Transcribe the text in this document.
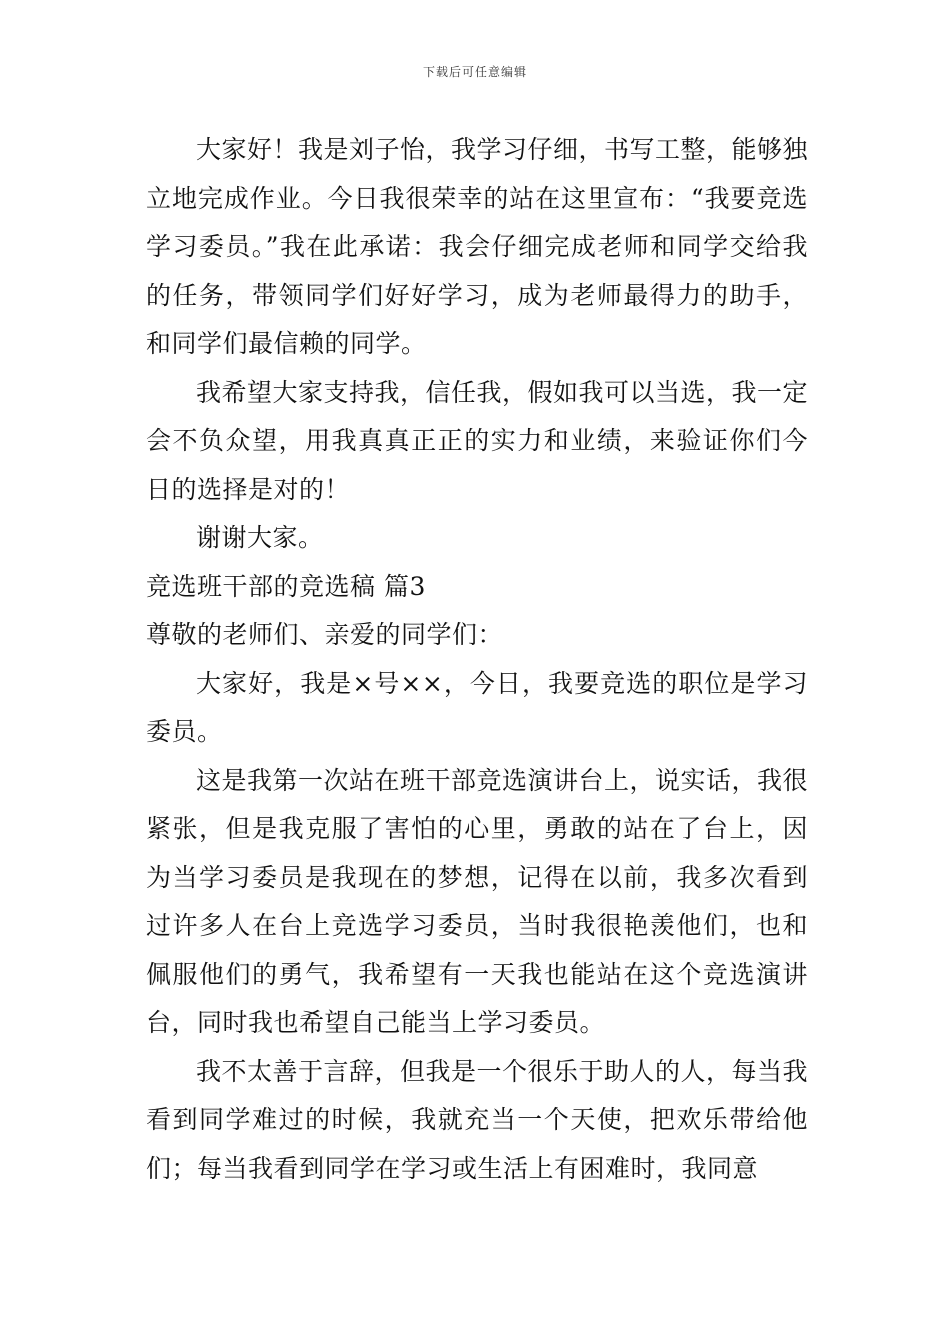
下载后可任意编辑

大家好！我是刘子怡，我学习仔细，书写工整，能够独立地完成作业。今日我很荣幸的站在这里宣布：“我要竞选学习委员。”我在此承诺：我会仔细完成老师和同学交给我的任务，带领同学们好好学习，成为老师最得力的助手，和同学们最信赖的同学。

我希望大家支持我，信任我，假如我可以当选，我一定会不负众望，用我真真正正的实力和业绩，来验证你们今日的选择是对的！

谢谢大家。

竞选班干部的竞选稿 篇3

尊敬的老师们、亲爱的同学们：

大家好，我是×号××，今日，我要竞选的职位是学习委员。

这是我第一次站在班干部竞选演讲台上，说实话，我很紧张，但是我克服了害怕的心里，勇敢的站在了台上，因为当学习委员是我现在的梦想，记得在以前，我多次看到过许多人在台上竞选学习委员，当时我很艳羡他们，也和佩服他们的勇气，我希望有一天我也能站在这个竞选演讲台，同时我也希望自己能当上学习委员。

我不太善于言辞，但我是一个很乐于助人的人，每当我看到同学难过的时候，我就充当一个天使，把欢乐带给他们；每当我看到同学在学习或生活上有困难时，我同意
